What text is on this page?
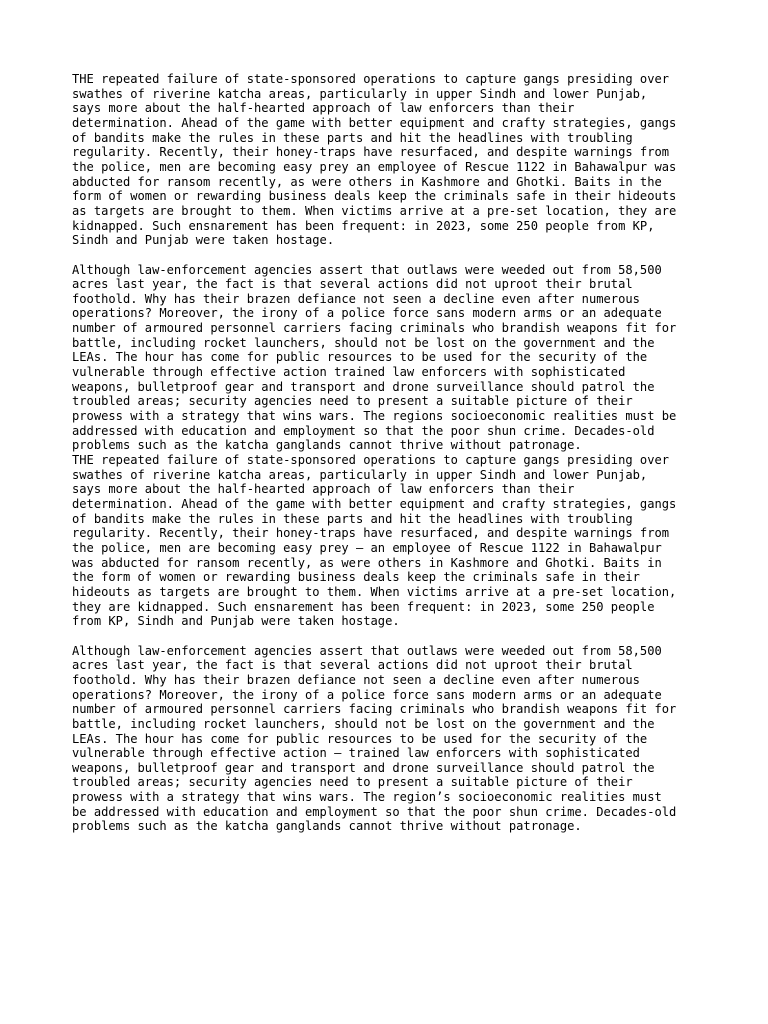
THE repeated failure of state-sponsored operations to capture gangs presiding over
swathes of riverine katcha areas, particularly in upper Sindh and lower Punjab,
says more about the half-hearted approach of law enforcers than their
determination. Ahead of the game with better equipment and crafty strategies, gangs
of bandits make the rules in these parts and hit the headlines with troubling
regularity. Recently, their honey-traps have resurfaced, and despite warnings from
the police, men are becoming easy prey an employee of Rescue 1122 in Bahawalpur was
abducted for ransom recently, as were others in Kashmore and Ghotki. Baits in the
form of women or rewarding business deals keep the criminals safe in their hideouts
as targets are brought to them. When victims arrive at a pre-set location, they are
kidnapped. Such ensnarement has been frequent: in 2023, some 250 people from KP,
Sindh and Punjab were taken hostage.

Although law-enforcement agencies assert that outlaws were weeded out from 58,500
acres last year, the fact is that several actions did not uproot their brutal
foothold. Why has their brazen defiance not seen a decline even after numerous
operations? Moreover, the irony of a police force sans modern arms or an adequate
number of armoured personnel carriers facing criminals who brandish weapons fit for
battle, including rocket launchers, should not be lost on the government and the
LEAs. The hour has come for public resources to be used for the security of the
vulnerable through effective action trained law enforcers with sophisticated
weapons, bulletproof gear and transport and drone surveillance should patrol the
troubled areas; security agencies need to present a suitable picture of their
prowess with a strategy that wins wars. The regions socioeconomic realities must be
addressed with education and employment so that the poor shun crime. Decades-old
problems such as the katcha ganglands cannot thrive without patronage.

THE repeated failure of state-sponsored operations to capture gangs presiding over
swathes of riverine katcha areas, particularly in upper Sindh and lower Punjab,
says more about the half-hearted approach of law enforcers than their
determination. Ahead of the game with better equipment and crafty strategies, gangs
of bandits make the rules in these parts and hit the headlines with troubling
regularity. Recently, their honey-traps have resurfaced, and despite warnings from
the police, men are becoming easy prey — an employee of Rescue 1122 in Bahawalpur
was abducted for ransom recently, as were others in Kashmore and Ghotki. Baits in
the form of women or rewarding business deals keep the criminals safe in their
hideouts as targets are brought to them. When victims arrive at a pre-set location,
they are kidnapped. Such ensnarement has been frequent: in 2023, some 250 people
from KP, Sindh and Punjab were taken hostage.

Although law-enforcement agencies assert that outlaws were weeded out from 58,500
acres last year, the fact is that several actions did not uproot their brutal
foothold. Why has their brazen defiance not seen a decline even after numerous
operations? Moreover, the irony of a police force sans modern arms or an adequate
number of armoured personnel carriers facing criminals who brandish weapons fit for
battle, including rocket launchers, should not be lost on the government and the
LEAs. The hour has come for public resources to be used for the security of the
vulnerable through effective action — trained law enforcers with sophisticated
weapons, bulletproof gear and transport and drone surveillance should patrol the
troubled areas; security agencies need to present a suitable picture of their
prowess with a strategy that wins wars. The region’s socioeconomic realities must
be addressed with education and employment so that the poor shun crime. Decades-old
problems such as the katcha ganglands cannot thrive without patronage.
